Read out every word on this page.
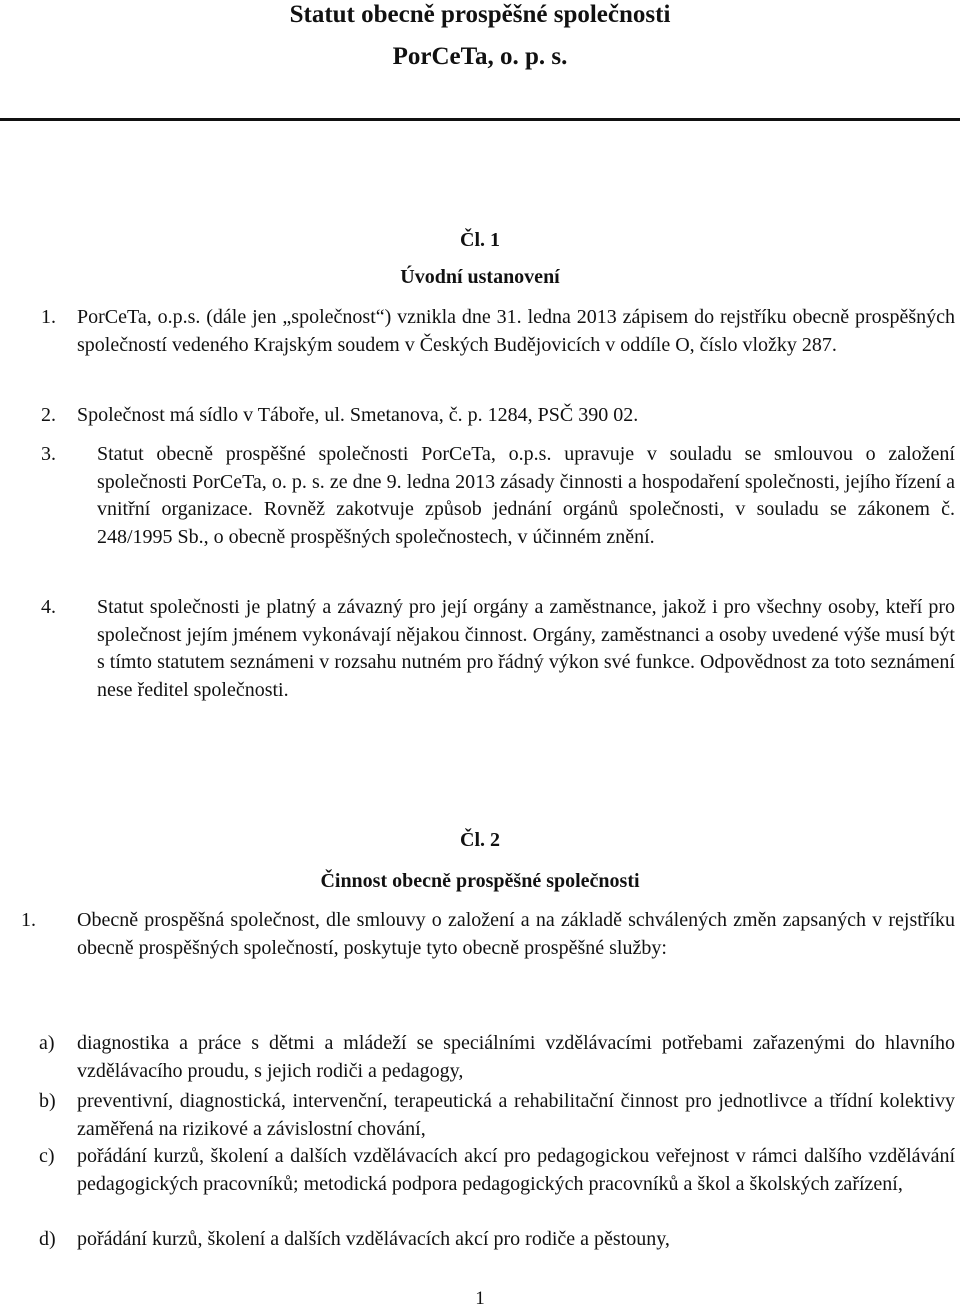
Statut obecně prospěšné společnosti
PorCeTa, o. p. s.
Čl. 1
Úvodní ustanovení
1. PorCeTa, o.p.s. (dále jen „společnost“) vznikla dne 31. ledna 2013 zápisem do rejstříku obecně prospěšných společností vedeného Krajským soudem v Českých Budějovicích v oddíle O, číslo vložky 287.
2. Společnost má sídlo v Táboře, ul. Smetanova, č. p. 1284, PSČ 390 02.
3. Statut obecně prospěšné společnosti PorCeTa, o.p.s. upravuje v souladu se smlouvou o založení společnosti PorCeTa, o. p. s. ze dne 9. ledna 2013 zásady činnosti a hospodaření společnosti, jejího řízení a vnitřní organizace. Rovněž zakotvuje způsob jednání orgánů společnosti, v souladu se zákonem č. 248/1995 Sb., o obecně prospěšných společnostech, v účinném znění.
4. Statut společnosti je platný a závazný pro její orgány a zaměstnance, jakož i pro všechny osoby, kteří pro společnost jejím jménem vykonávají nějakou činnost. Orgány, zaměstnanci a osoby uvedené výše musí být s tímto statutem seznámeni v rozsahu nutném pro řádný výkon své funkce. Odpovědnost za toto seznámení nese ředitel společnosti.
Čl. 2
Činnost obecně prospěšné společnosti
1. Obecně prospěšná společnost, dle smlouvy o založení a na základě schválených změn zapsaných v rejstříku obecně prospěšných společností, poskytuje tyto obecně prospěšné služby:
a) diagnostika a práce s dětmi a mládeží se speciálními vzdělávacími potřebami zařazenými do hlavního vzdělávacího proudu, s jejich rodiči a pedagogy,
b) preventivní, diagnostická, intervenční, terapeutická a rehabilitační činnost pro jednotlivce a třídní kolektivy zaměřená na rizikové a závislostní chování,
c) pořádání kurzů, školení a dalších vzdělávacích akcí pro pedagogickou veřejnost v rámci dalšího vzdělávání pedagogických pracovníků; metodická podpora pedagogických pracovníků a škol a školských zařízení,
d) pořádání kurzů, školení a dalších vzdělávacích akcí pro rodiče a pěstouny,
1
